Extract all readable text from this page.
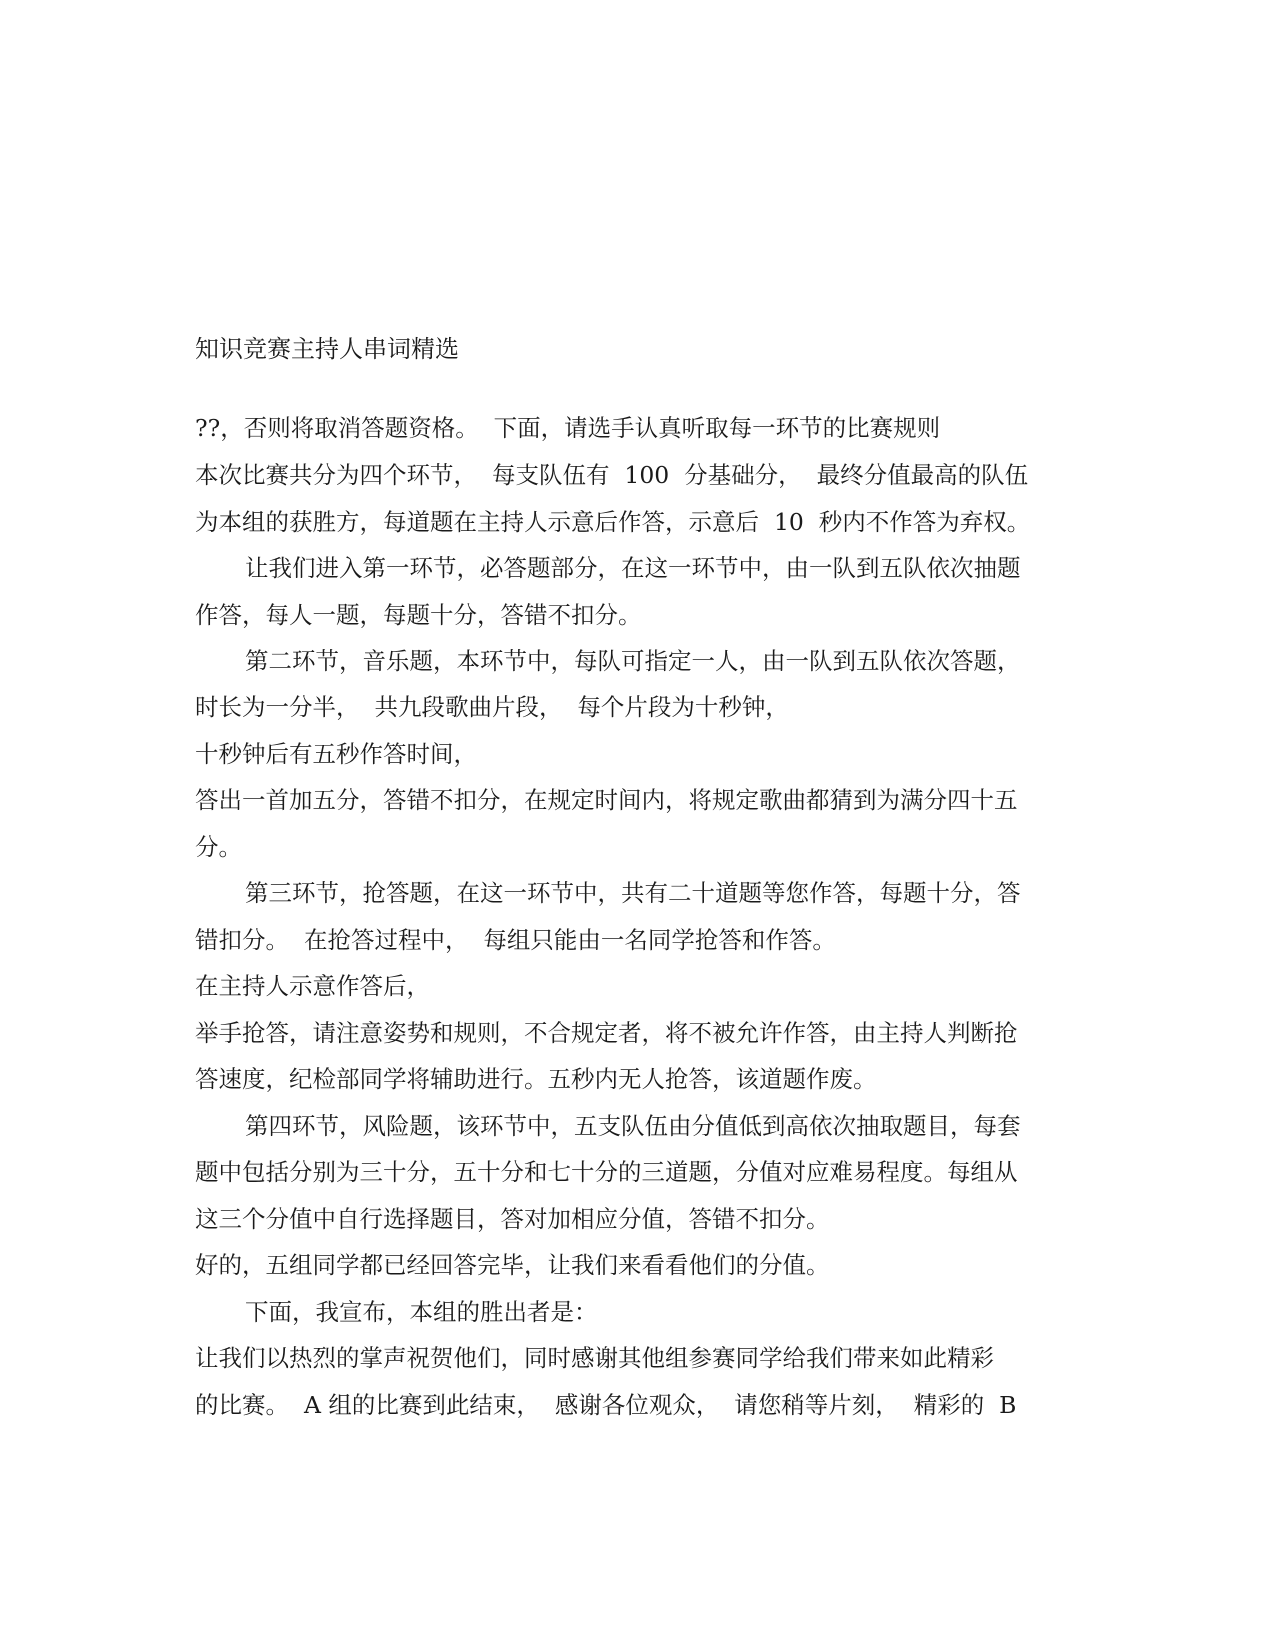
知识竞赛主持人串词精选
??，否则将取消答题资格。  下面，请选手认真听取每一环节的比赛规则
本次比赛共分为四个环节，  每支队伍有  100  分基础分，  最终分值最高的队伍
为本组的获胜方，每道题在主持人示意后作答，示意后  10  秒内不作答为弃权。
让我们进入第一环节，必答题部分，在这一环节中，由一队到五队依次抽题
作答，每人一题，每题十分，答错不扣分。
第二环节，音乐题，本环节中，每队可指定一人，由一队到五队依次答题，
时长为一分半，  共九段歌曲片段，  每个片段为十秒钟，
十秒钟后有五秒作答时间，
答出一首加五分，答错不扣分，在规定时间内，将规定歌曲都猜到为满分四十五
分。
第三环节，抢答题，在这一环节中，共有二十道题等您作答，每题十分，答
错扣分。  在抢答过程中，  每组只能由一名同学抢答和作答。
在主持人示意作答后，
举手抢答，请注意姿势和规则，不合规定者，将不被允许作答，由主持人判断抢
答速度，纪检部同学将辅助进行。五秒内无人抢答，该道题作废。
第四环节，风险题，该环节中，五支队伍由分值低到高依次抽取题目，每套
题中包括分别为三十分，五十分和七十分的三道题，分值对应难易程度。每组从
这三个分值中自行选择题目，答对加相应分值，答错不扣分。
好的，五组同学都已经回答完毕，让我们来看看他们的分值。
下面，我宣布，本组的胜出者是：
让我们以热烈的掌声祝贺他们，同时感谢其他组参赛同学给我们带来如此精彩
的比赛。  A 组的比赛到此结束，  感谢各位观众，  请您稍等片刻，  精彩的  B
